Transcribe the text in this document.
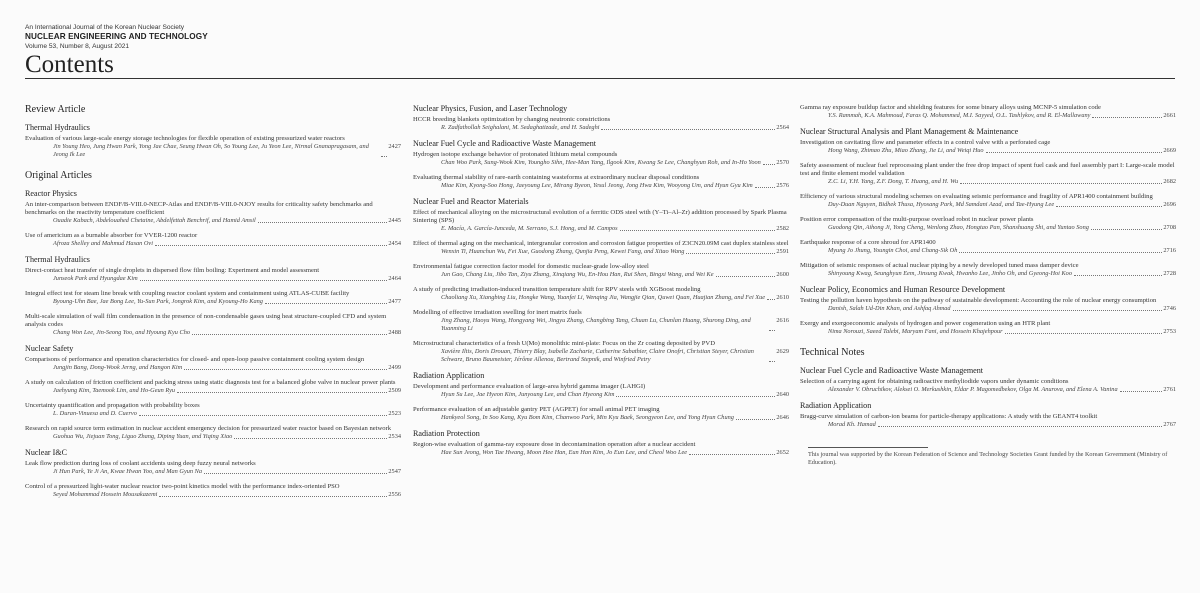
An International Journal of the Korean Nuclear Society
NUCLEAR ENGINEERING AND TECHNOLOGY
Volume 53, Number 8, August 2021
Contents
Review Article
Thermal Hydraulics
Evaluation of various large-scale energy storage technologies for flexible operation of existing pressurized water reactors
Jin Young Heo, Jung Hwan Park, Yong Jae Chae, Seung Hwan Oh, So Young Lee, Ju Yeon Lee, Nirmal Gnanapragasam, and Jeong Ik Lee
2427
Original Articles
Reactor Physics
An inter-comparison between ENDF/B-VIII.0-NECP-Atlas and ENDF/B-VIII.0-NJOY results for criticality safety benchmarks and benchmarks on the reactivity temperature coefficient
Ouadie Kabach, Abdelouahed Chetaine, Abdelfettah Benchrif, and Hamid Amsil	2445
Use of americium as a burnable absorber for VVER-1200 reactor
Afroza Shelley and Mahmud Hasan Ovi	2454
Thermal Hydraulics
Direct-contact heat transfer of single droplets in dispersed flow film boiling: Experiment and model assessment
Junseok Park and Hyungdae Kim	2464
Integral effect test for steam line break with coupling reactor coolant system and containment using ATLAS-CUBE facility
Byoung-Uhn Bae, Jae Bong Lee, Yu-Sun Park, Jongrok Kim, and Kyoung-Ho Kang	2477
Multi-scale simulation of wall film condensation in the presence of non-condensable gases using heat structure-coupled CFD and system analysis codes
Chang Won Lee, Jin-Seong Yoo, and Hyoung Kyu Cho	2488
Nuclear Safety
Comparisons of performance and operation characteristics for closed- and open-loop passive containment cooling system design
Jungjin Bang, Dong-Wook Jerng, and Hangon Kim	2499
A study on calculation of friction coefficient and packing stress using static diagnosis test for a balanced globe valve in nuclear power plants
Jaehyung Kim, Taemook Lim, and Ho-Geun Ryu	2509
Uncertainty quantification and propagation with probability boxes
L. Duran-Vinuesa and D. Cuervo	2523
Research on rapid source term estimation in nuclear accident emergency decision for pressurized water reactor based on Bayesian network
Guohua Wu, Jiejuan Tong, Liguo Zhang, Diping Yuan, and Yiqing Xiao	2534
Nuclear I&C
Leak flow prediction during loss of coolant accidents using deep fuzzy neural networks
Ji Hun Park, Ye Ji An, Kwae Hwan Yoo, and Man Gyun Na	2547
Control of a pressurized light-water nuclear reactor two-point kinetics model with the performance index-oriented PSO
Seyed Mohammad Hossein Mousakazemi	2556
Nuclear Physics, Fusion, and Laser Technology
HCCR breeding blankets optimization by changing neutronic constrictions
R. Zadfathollah Seighalani, M. Sedaghatizade, and H. Sadeghi	2564
Nuclear Fuel Cycle and Radioactive Waste Management
Hydrogen isotope exchange behavior of protonated lithium metal compounds
Chan Woo Park, Sung-Wook Kim, Youngho Sihn, Hee-Man Yang, Ilgook Kim, Kwang Se Lee, Changhyun Roh, and In-Ho Yoon 2570
Evaluating thermal stability of rare-earth containing wasteforms at extraordinary nuclear disposal conditions
Miae Kim, Kyong-Soo Hong, Jaeyoung Lee, Mirang Byeon, Yesul Jeong, Jong Hwa Kim, Wooyong Um, and Hyun Gyu Kim	2576
Nuclear Fuel and Reactor Materials
Effect of mechanical alloying on the microstructural evolution of a ferritic ODS steel with (Y–Ti–Al–Zr) addition processed by Spark Plasma Sintering (SPS)
E. Macía, A. García-Junceda, M. Serrano, S.J. Hong, and M. Campos	2582
Effect of thermal aging on the mechanical, intergranular corrosion and corrosion fatigue properties of Z3CN20.09M cast duplex stainless steel
Wenxin Ti, Huanchun Wu, Fei Xue, Guodong Zhang, Qunjia Peng, Kewei Fang, and Xitao Wang	2591
Environmental fatigue correction factor model for domestic nuclear-grade low-alloy steel
Jun Gao, Chang Liu, Jibo Tan, Ziyu Zhang, Xinqiang Wu, En-Hou Han, Rui Shen, Bingxi Wang, and Wei Ke	2600
A study of predicting irradiation-induced transition temperature shift for RPV steels with XGBoost modeling
Chaoliang Xu, Xiangbing Liu, Hongke Wang, Yuanfei Li, Wenqing Jia, Wangjie Qian, Quwei Quan, Huajian Zhang, and Fei Xue 2610
Modelling of effective irradiation swelling for inert matrix fuels
Jing Zhang, Haoyu Wang, Hongyang Wei, Jingyu Zhang, Changbing Tang, Chuan Lu, Chunlan Huang, Shurong Ding, and Yuanming Li
2616
Microstructural characteristics of a fresh U(Mo) monolithic mini-plate: Focus on the Zr coating deposited by PVD
Xavière Iltis, Doris Drouan, Thierry Blay, Isabelle Zacharie, Catherine Sabathier, Claire Onofri, Christian Steyer, Christian Schwarz, Bruno Baumeister, Jérôme Allenou, Bertrand Stepnik, and Winfried Petry
2629
Radiation Application
Development and performance evaluation of large-area hybrid gamma imager (LAHGI)
Hyun Su Lee, Jae Hyeon Kim, Junyoung Lee, and Chan Hyeong Kim	2640
Performance evaluation of an adjustable gantry PET (AGPET) for small animal PET imaging
Hankyeol Song, In Soo Kang, Kyu Bom Kim, Chanwoo Park, Min Kyu Baek, Seongyeon Lee, and Yong Hyun Chung	2646
Radiation Protection
Region-wise evaluation of gamma-ray exposure dose in decontamination operation after a nuclear accident
Hae Sun Jeong, Won Tae Hwang, Moon Hee Han, Eun Han Kim, Jo Eun Lee, and Cheol Woo Lee	2652
Gamma ray exposure buildup factor and shielding features for some binary alloys using MCNP-5 simulation code
Y.S. Rammah, K.A. Mahmoud, Faras Q. Mohammed, M.I. Sayyed, O.L. Tashlykov, and R. El-Mallawany	2661
Nuclear Structural Analysis and Plant Management & Maintenance
Investigation on cavitating flow and parameter effects in a control valve with a perforated cage
Hong Wang, Zhimao Zhu, Miao Zhang, Jie Li, and Weiqi Huo	2669
Safety assessment of nuclear fuel reprocessing plant under the free drop impact of spent fuel cask and fuel assembly part I: Large-scale model test and finite element model validation
Z.C. Li, Y.H. Yang, Z.F. Dong, T. Huang, and H. Wu	2682
Efficiency of various structural modeling schemes on evaluating seismic performance and fragility of APR1400 containment building
Duy-Duan Nguyen, Bidhek Thusa, Hyosang Park, Md Samdani Azad, and Tae-Hyung Lee	2696
Position error compensation of the multi-purpose overload robot in nuclear power plants
Guodong Qin, Aihong Ji, Yong Cheng, Wenlong Zhao, Hongtao Pan, Shanshuang Shi, and Yuntao Song	2708
Earthquake response of a core shroud for APR1400
Myung Jo Jhung, Youngin Choi, and Chang-Sik Oh	2716
Mitigation of seismic responses of actual nuclear piping by a newly developed tuned mass damper device
Shinyoung Kwag, Seunghyun Eem, Jinsung Kwak, Hwanho Lee, Jinho Oh, and Gyeong-Hoi Koo	2728
Nuclear Policy, Economics and Human Resource Development
Testing the pollution haven hypothesis on the pathway of sustainable development: Accounting the role of nuclear energy consumption
Danish, Salah Ud-Din Khan, and Ashfaq Ahmad	2746
Exergy and exergoeconomic analysis of hydrogen and power cogeneration using an HTR plant
Nima Norouzi, Saeed Talebi, Maryam Fani, and Hossein Khajehpour	2753
Technical Notes
Nuclear Fuel Cycle and Radioactive Waste Management
Selection of a carrying agent for obtaining radioactive methyliodide vapors under dynamic conditions
Alexander V. Obruchikov, Aleksei O. Merkushkin, Eldar P. Magomedbekov, Olga M. Anurova, and Elena A. Vanina	2761
Radiation Application
Bragg-curve simulation of carbon-ion beams for particle-therapy applications: A study with the GEANT4 toolkit
Morad Kh. Hamad	2767
This journal was supported by the Korean Federation of Science and Technology Societies Grant funded by the Korean Government (Ministry of Education).
